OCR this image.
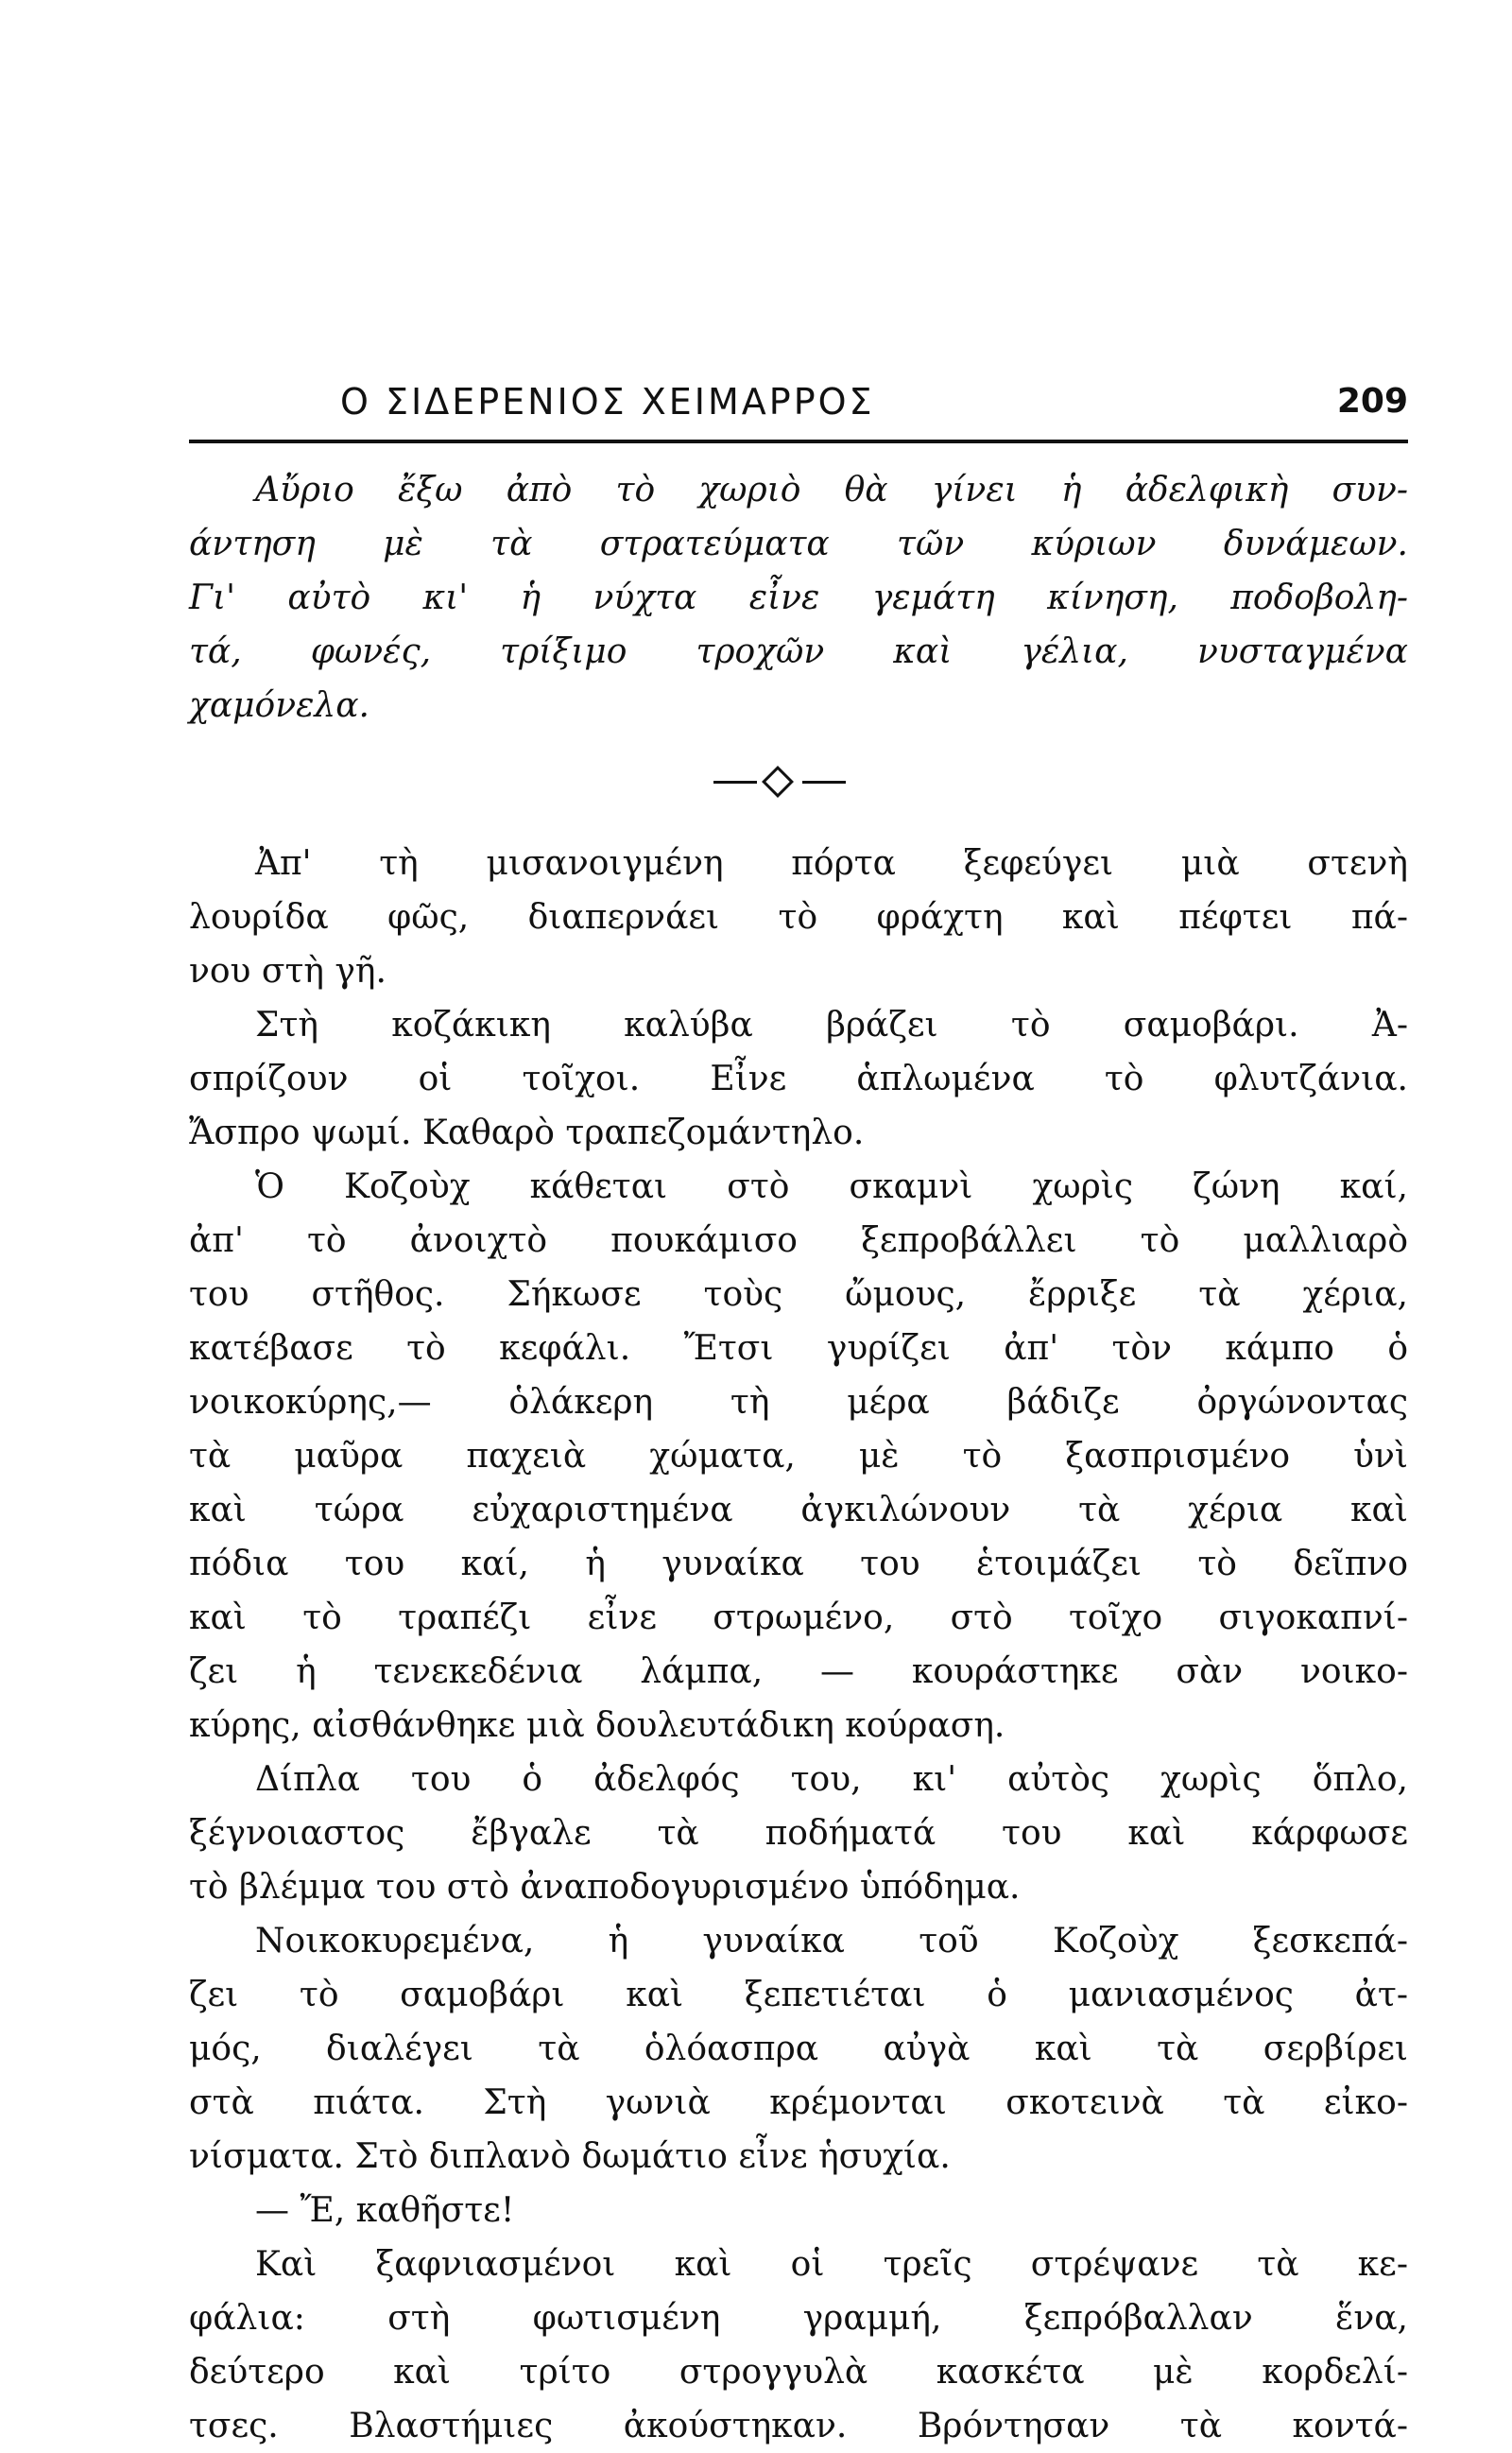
Ο ΣΙΔΕΡΕΝΙΟΣ ΧΕΙΜΑΡΡΟΣ	209
Αὔριο ἔξω ἀπὸ τὸ χωριὸ θὰ γίνει ἡ ἀδελφικὴ συν-
άντηση μὲ τὰ στρατεύματα τῶν κύριων δυνάμεων.
Γι' αὐτὸ κι' ἡ νύχτα εἶνε γεμάτη κίνηση, ποδοβολη-
τά, φωνές, τρίξιμο τροχῶν καὶ γέλια, νυσταγμένα
χαμόνελα.
Ἀπ' τὴ μισανοιγμένη πόρτα ξεφεύγει μιὰ στενὴ
λουρίδα φῶς, διαπερνάει τὸ φράχτη καὶ πέφτει πά-
νου στὴ γῆ.
Στὴ κοζάκικη καλύβα βράζει τὸ σαμοβάρι. Ἀ-
σπρίζουν οἱ τοῖχοι. Εἶνε ἁπλωμένα τὸ φλυτζάνια.
Ἄσπρο ψωμί. Καθαρὸ τραπεζομάντηλο.
Ὁ Κοζοὺχ κάθεται στὸ σκαμνὶ χωρὶς ζώνη καί,
ἀπ' τὸ ἀνοιχτὸ πουκάμισο ξεπροβάλλει τὸ μαλλιαρὸ
του στῆθος. Σήκωσε τοὺς ὤμους, ἔρριξε τὰ χέρια,
κατέβασε τὸ κεφάλι. Ἔτσι γυρίζει ἀπ' τὸν κάμπο ὁ
νοικοκύρης,— ὁλάκερη τὴ μέρα βάδιζε ὀργώνοντας
τὰ μαῦρα παχειὰ χώματα, μὲ τὸ ξασπρισμένο ὑνὶ
καὶ τώρα εὐχαριστημένα ἀγκιλώνουν τὰ χέρια καὶ
πόδια του καί, ἡ γυναίκα του ἑτοιμάζει τὸ δεῖπνο
καὶ τὸ τραπέζι εἶνε στρωμένο, στὸ τοῖχο σιγοκαπνί-
ζει ἡ τενεκεδένια λάμπα, — κουράστηκε σὰν νοικο-
κύρης, αἰσθάνθηκε μιὰ δουλευτάδικη κούραση.
Δίπλα του ὁ ἀδελφός του, κι' αὐτὸς χωρὶς ὅπλο,
ξέγνοιαστος ἔβγαλε τὰ ποδήματά του καὶ κάρφωσε
τὸ βλέμμα του στὸ ἀναποδογυρισμένο ὑπόδημα.
Νοικοκυρεμένα, ἡ γυναίκα τοῦ Κοζοὺχ ξεσκεπά-
ζει τὸ σαμοβάρι καὶ ξεπετιέται ὁ μανιασμένος ἀτ-
μός, διαλέγει τὰ ὁλόασπρα αὐγὰ καὶ τὰ σερβίρει
στὰ πιάτα. Στὴ γωνιὰ κρέμονται σκοτεινὰ τὰ εἰκο-
νίσματα. Στὸ διπλανὸ δωμάτιο εἶνε ἡσυχία.
— Ἔ, καθῆστε!
Καὶ ξαφνιασμένοι καὶ οἱ τρεῖς στρέψανε τὰ κε-
φάλια: στὴ φωτισμένη γραμμή, ξεπρόβαλλαν ἕνα,
δεύτερο καὶ τρίτο στρογγυλὰ κασκέτα μὲ κορδελί-
τσες. Βλαστήμιες ἀκούστηκαν. Βρόντησαν τὰ κοντά-
